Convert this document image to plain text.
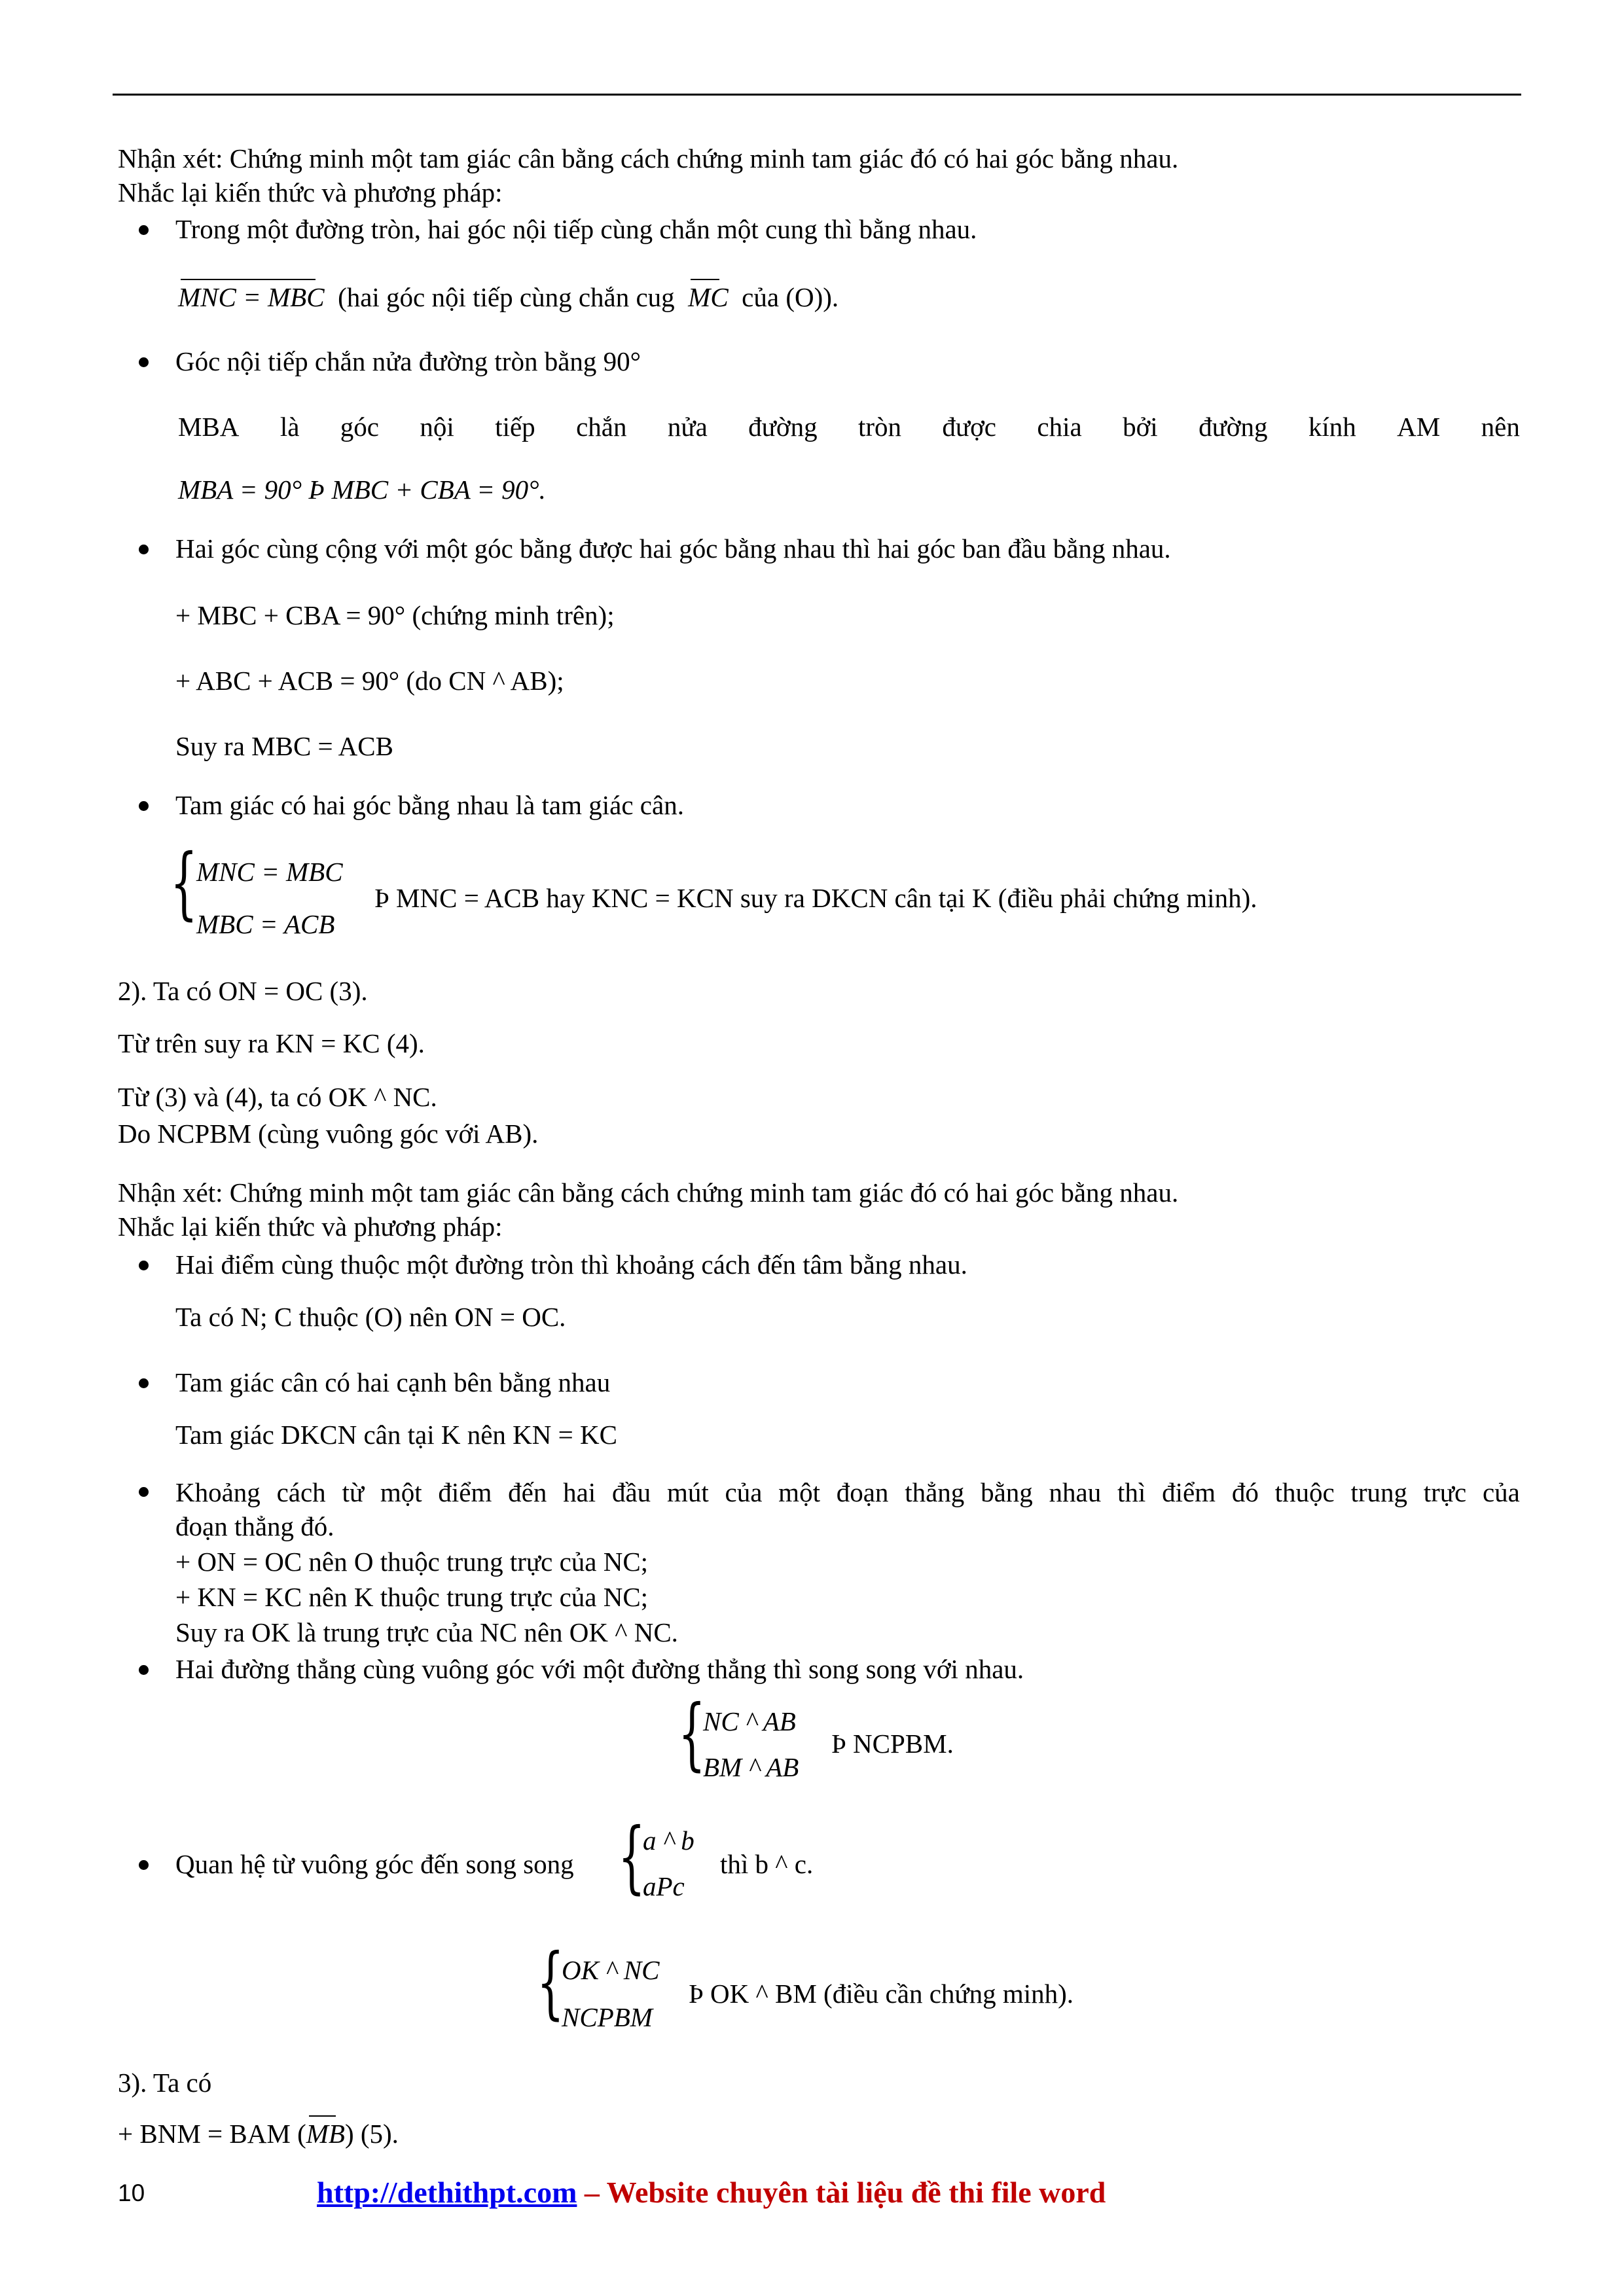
Nhận xét: Chứng minh một tam giác cân bằng cách chứng minh tam giác đó có hai góc bằng nhau.
Nhắc lại kiến thức và phương pháp:
Trong một đường tròn, hai góc nội tiếp cùng chắn một cung thì bằng nhau.
MNC = MBC (hai góc nội tiếp cùng chắn cug MC của (O)).
Góc nội tiếp chắn nửa đường tròn bằng 90°
MBA là góc nội tiếp chắn nửa đường tròn được chia bởi đường kính AM nên
MBA = 90° Þ MBC + CBA = 90°.
Hai góc cùng cộng với một góc bằng được hai góc bằng nhau thì hai góc ban đầu bằng nhau.
+ MBC + CBA = 90° (chứng minh trên);
+ ABC + ACB = 90° (do CN ^ AB);
Suy ra MBC = ACB
Tam giác có hai góc bằng nhau là tam giác cân.
{
MNC = MBC
MBC = ACB
Þ MNC = ACB hay KNC = KCN suy ra DKCN cân tại K (điều phải chứng minh).
2). Ta có ON = OC (3).
Từ trên suy ra KN = KC (4).
Từ (3) và (4), ta có OK ^ NC.
Do NCPBM (cùng vuông góc với AB).
Nhận xét: Chứng minh một tam giác cân bằng cách chứng minh tam giác đó có hai góc bằng nhau.
Nhắc lại kiến thức và phương pháp:
Hai điểm cùng thuộc một đường tròn thì khoảng cách đến tâm bằng nhau.
Ta có N; C thuộc (O) nên ON = OC.
Tam giác cân có hai cạnh bên bằng nhau
Tam giác DKCN cân tại K nên KN = KC
Khoảng cách từ một điểm đến hai đầu mút của một đoạn thẳng bằng nhau thì điểm đó thuộc trung trực của
đoạn thẳng đó.
+ ON = OC nên O thuộc trung trực của NC;
+ KN = KC nên K thuộc trung trực của NC;
Suy ra OK là trung trực của NC nên OK ^ NC.
Hai đường thẳng cùng vuông góc với một đường thẳng thì song song với nhau.
{
NC ^ AB
BM ^ AB
Þ NCPBM.
Quan hệ từ vuông góc đến song song {
a ^ b
aPc
thì b ^ c.
{
OK ^ NC
NCPBM
Þ OK ^ BM (điều cần chứng minh).
3). Ta có
+ BNM = BAM (MB) (5).
10	http://dethithpt.com – Website chuyên tài liệu đề thi file word
